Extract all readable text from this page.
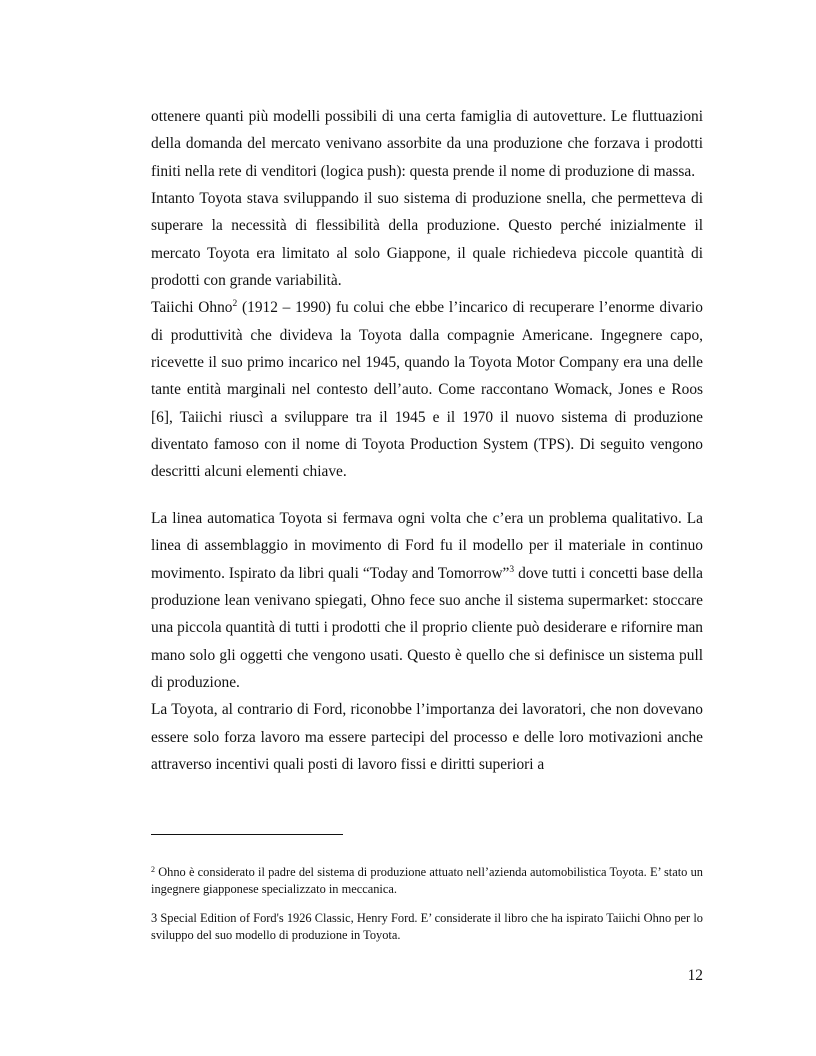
ottenere quanti più modelli possibili di una certa famiglia di autovetture. Le fluttuazioni della domanda del mercato venivano assorbite da una produzione che forzava i prodotti finiti nella rete di venditori (logica push): questa prende il nome di produzione di massa.

Intanto Toyota stava sviluppando il suo sistema di produzione snella, che permetteva di superare la necessità di flessibilità della produzione. Questo perché inizialmente il mercato Toyota era limitato al solo Giappone, il quale richiedeva piccole quantità di prodotti con grande variabilità.

Taiichi Ohno$^2$ (1912 – 1990) fu colui che ebbe l’incarico di recuperare l’enorme divario di produttività che divideva la Toyota dalla compagnie Americane. Ingegnere capo, ricevette il suo primo incarico nel 1945, quando la Toyota Motor Company era una delle tante entità marginali nel contesto dell’auto. Come raccontano Womack, Jones e Roos [6], Taiichi riuscì a sviluppare tra il 1945 e il 1970 il nuovo sistema di produzione diventato famoso con il nome di Toyota Production System (TPS). Di seguito vengono descritti alcuni elementi chiave.

La linea automatica Toyota si fermava ogni volta che c’era un problema qualitativo. La linea di assemblaggio in movimento di Ford fu il modello per il materiale in continuo movimento. Ispirato da libri quali “Today and Tomorrow”$^3$ dove tutti i concetti base della produzione lean venivano spiegati, Ohno fece suo anche il sistema supermarket: stoccare una piccola quantità di tutti i prodotti che il proprio cliente può desiderare e rifornire man mano solo gli oggetti che vengono usati. Questo è quello che si definisce un sistema pull di produzione.

La Toyota, al contrario di Ford, riconobbe l’importanza dei lavoratori, che non dovevano essere solo forza lavoro ma essere partecipi del processo e delle loro motivazioni anche attraverso incentivi quali posti di lavoro fissi e diritti superiori a

$^2$ Ohno è considerato il padre del sistema di produzione attuato nell’azienda automobilistica Toyota. E’ stato un ingegnere giapponese specializzato in meccanica.

3 Special Edition of Ford's 1926 Classic, Henry Ford. E’ considerate il libro che ha ispirato Taiichi Ohno per lo sviluppo del suo modello di produzione in Toyota.

12
